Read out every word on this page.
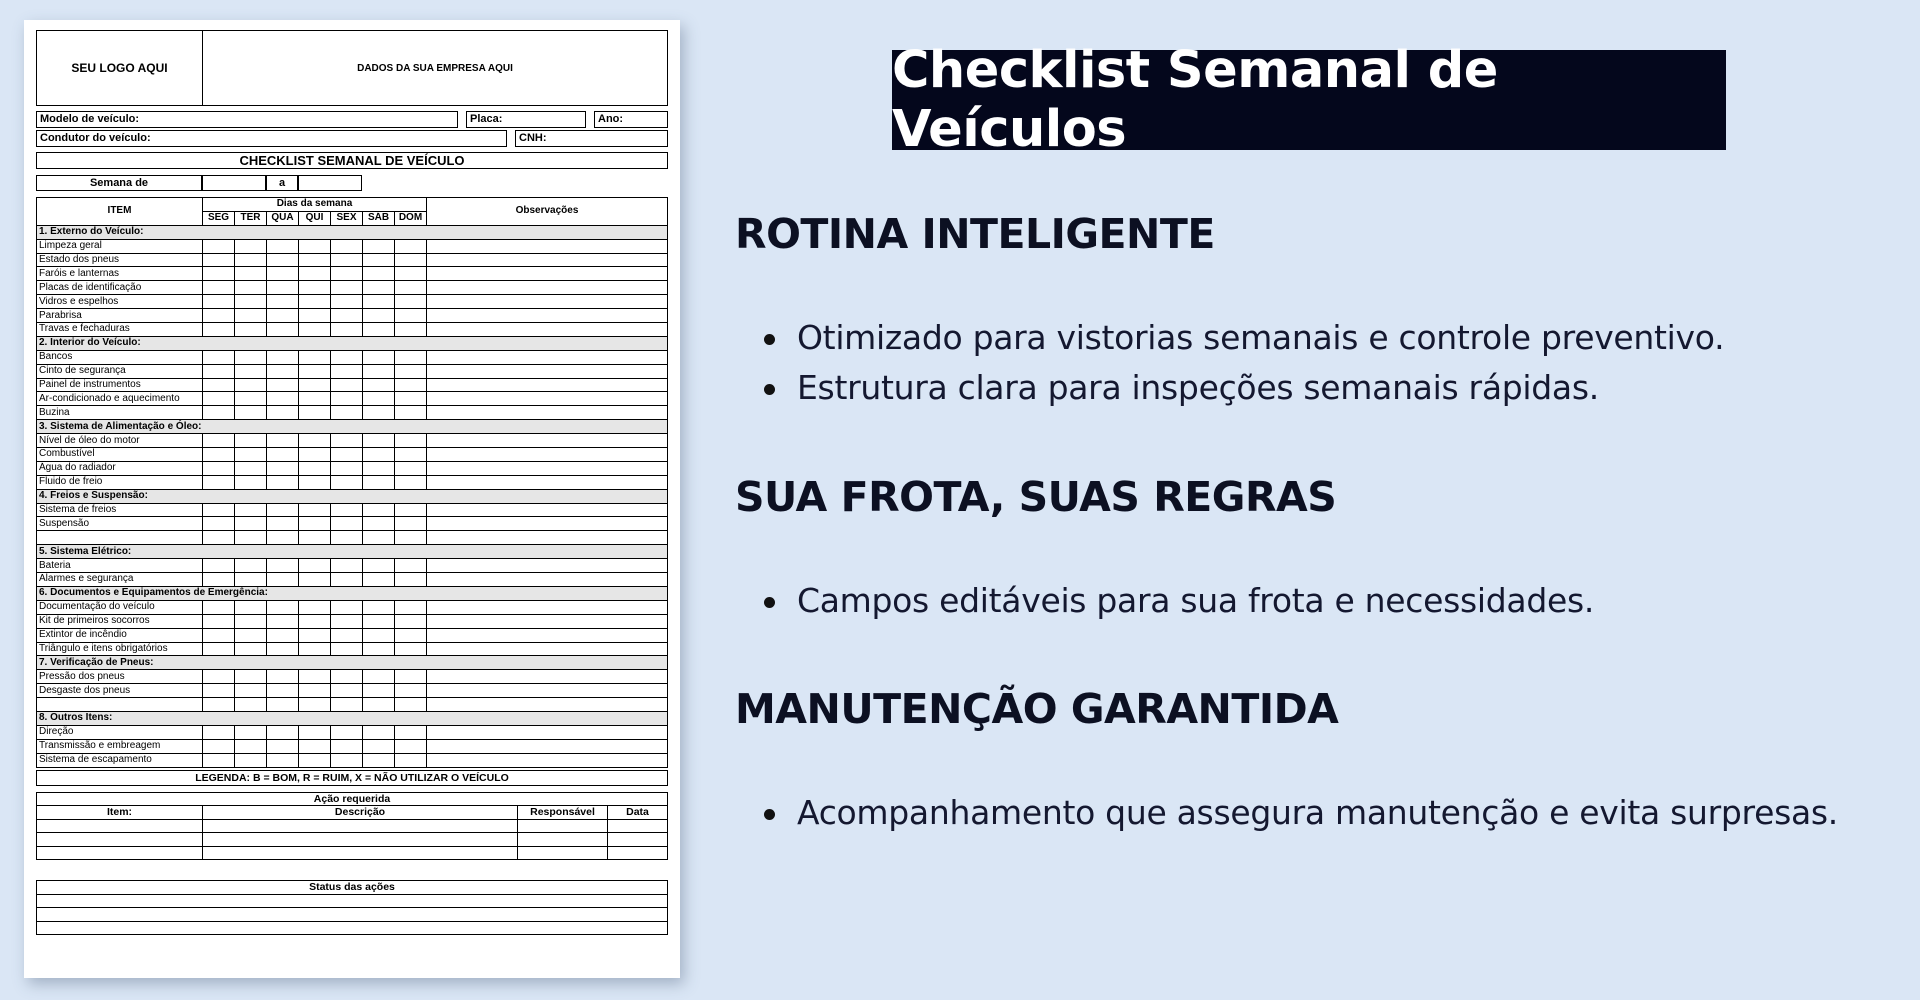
SEU LOGO AQUI	DADOS DA SUA EMPRESA AQUI
Modelo de veículo:	Placa:	Ano:
Condutor do veículo:	CNH:
CHECKLIST SEMANAL DE VEÍCULO
Semana de	a
ITEM	Dias da semana							Observações
	SEG	TER	QUA	QUI	SEX	SÁB	DOM	
1. Externo do Veículo:								
Limpeza geral								
Estado dos pneus								
Faróis e lanternas								
Placas de identificação								
Vidros e espelhos								
Parabrisa								
Travas e fechaduras								
2. Interior do Veículo:								
Bancos								
Cinto de segurança								
Painel de instrumentos								
Ar-condicionado e aquecimento								
Buzina								
3. Sistema de Alimentação e Óleo:								
Nível de óleo do motor								
Combustível								
Água do radiador								
Fluido de freio								
4. Freios e Suspensão:								
Sistema de freios								
Suspensão								

5. Sistema Elétrico:								
Bateria								
Alarmes e segurança								
6. Documentos e Equipamentos de Emergência:								
Documentação do veículo								
Kit de primeiros socorros								
Extintor de incêndio								
Triângulo e itens obrigatórios								
7. Verificação de Pneus:								
Pressão dos pneus								
Desgaste dos pneus								

8. Outros Itens:								
Direção								
Transmissão e embreagem								
Sistema de escapamento								
LEGENDA: B = BOM, R = RUIM, X = NÃO UTILIZAR O VEÍCULO
Ação requerida			
Item:	Descrição	Responsável	Data

Status das ações

Checklist Semanal de Veículos
ROTINA INTELIGENTE
Otimizado para vistorias semanais e controle preventivo.
Estrutura clara para inspeções semanais rápidas.
SUA FROTA, SUAS REGRAS
Campos editáveis para sua frota e necessidades.
MANUTENÇÃO GARANTIDA
Acompanhamento que assegura manutenção e evita surpresas.
